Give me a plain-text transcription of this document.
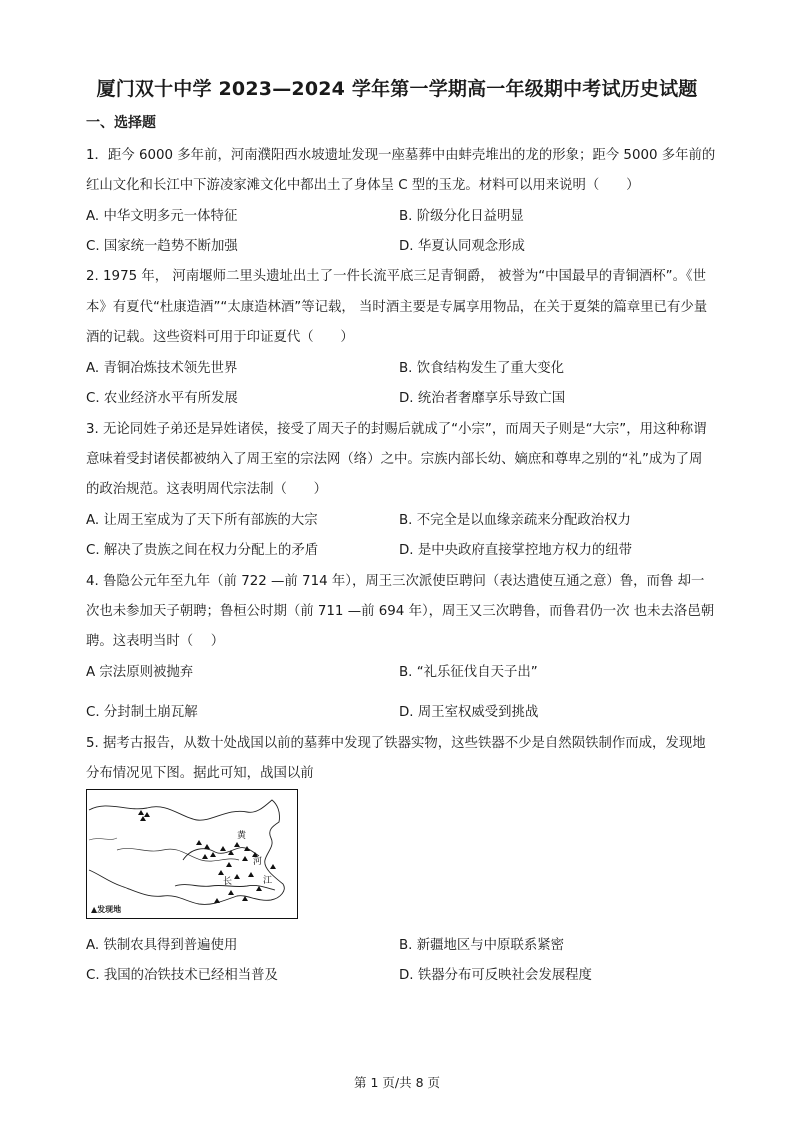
厦门双十中学 2023—2024 学年第一学期高一年级期中考试历史试题
一、选择题
1．距今 6000 多年前，河南濮阳西水坡遗址发现一座墓葬中由蚌壳堆出的龙的形象；距今 5000 多年前的
红山文化和长江中下游凌家滩文化中都出土了身体呈 C 型的玉龙。材料可以用来说明（　　）
A. 中华文明多元一体特征	B. 阶级分化日益明显
C. 国家统一趋势不断加强	D. 华夏认同观念形成
2. 1975 年， 河南堰师二里头遗址出土了一件长流平底三足青铜爵， 被誉为“中国最早的青铜酒杯”。《世
本》有夏代“杜康造酒”“太康造林酒”等记载， 当时酒主要是专属享用物品，在关于夏桀的篇章里已有少量
酒的记载。这些资料可用于印证夏代（　　）
A. 青铜冶炼技术领先世界	B. 饮食结构发生了重大变化
C. 农业经济水平有所发展	D. 统治者奢靡享乐导致亡国
3. 无论同姓子弟还是异姓诸侯，接受了周天子的封赐后就成了“小宗”，而周天子则是“大宗”，用这种称谓
意味着受封诸侯都被纳入了周王室的宗法网（络）之中。宗族内部长幼、嫡庶和尊卑之别的“礼”成为了周
的政治规范。这表明周代宗法制（　　）
A. 让周王室成为了天下所有部族的大宗	B. 不完全是以血缘亲疏来分配政治权力
C. 解决了贵族之间在权力分配上的矛盾	D. 是中央政府直接掌控地方权力的纽带
4. 鲁隐公元年至九年（前 722 —前 714 年），周王三次派使臣聘问（表达遣使互通之意）鲁，而鲁 却一
次也未参加天子朝聘；鲁桓公时期（前 711 —前 694 年），周王又三次聘鲁，而鲁君仍一次 也未去洛邑朝
聘。这表明当时（　 ）
A 宗法原则被抛弃	B. “礼乐征伐自天子出”
C. 分封制土崩瓦解	D. 周王室权威受到挑战
5. 据考古报告，从数十处战国以前的墓葬中发现了铁器实物，这些铁器不少是自然陨铁制作而成，发现地
分布情况见下图。据此可知，战国以前
黄
河
长	江
▲发现地
A. 铁制农具得到普遍使用	B. 新疆地区与中原联系紧密
C. 我国的冶铁技术已经相当普及	D. 铁器分布可反映社会发展程度
第 1 页/共 8 页
